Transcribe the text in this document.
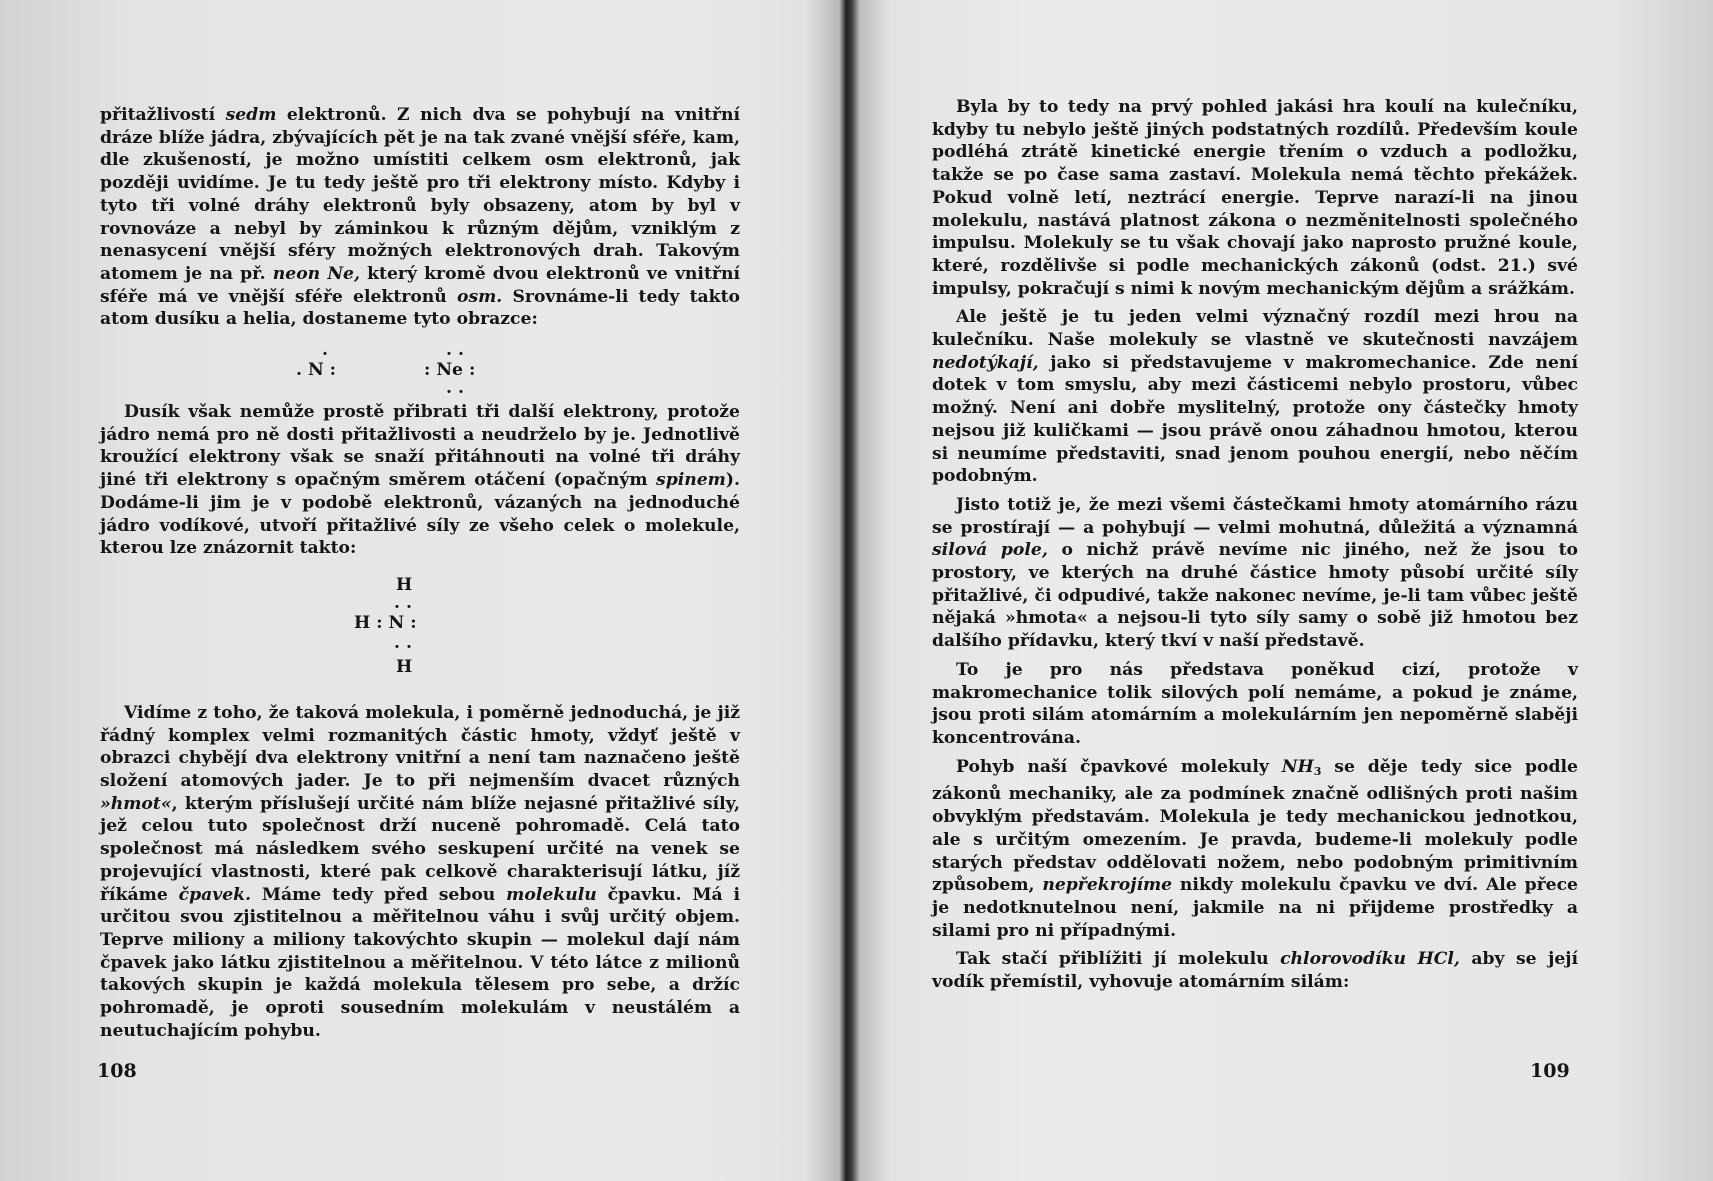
přitažlivostí sedm elektronů. Z nich dva se pohybují na vnitřní dráze blíže jádra, zbývajících pět je na tak zvané vnější sféře, kam, dle zkušeností, je možno umístiti celkem osm elektronů, jak později uvidíme. Je tu tedy ještě pro tři elektrony místo. Kdyby i tyto tři volné dráhy elektronů byly obsazeny, atom by byl v rovnováze a nebyl by záminkou k různým dějům, vzniklým z nenasycení vnější sféry možných elektronových drah. Takovým atomem je na př. neon Ne, který kromě dvou elektronů ve vnitřní sféře má ve vnější sféře elektronů osm. Srovnáme-li tedy takto atom dusíku a helia, dostaneme tyto obrazce:

.
. N :
. .
: Ne :
. .

Dusík však nemůže prostě přibrati tři další elektrony, protože jádro nemá pro ně dosti přitažlivosti a neudrželo by je. Jednotlivě kroužící elektrony však se snaží přitáhnouti na volné tři dráhy jiné tři elektrony s opačným směrem otáčení (opačným spinem). Dodáme-li jim je v podobě elektronů, vázaných na jednoduché jádro vodíkové, utvoří přitažlivé síly ze všeho celek o molekule, kterou lze znázornit takto:

H
. .
H : N :
. .
H

Vidíme z toho, že taková molekula, i poměrně jednoduchá, je již řádný komplex velmi rozmanitých částic hmoty, vždyť ještě v obrazci chybějí dva elektrony vnitřní a není tam naznačeno ještě složení atomových jader. Je to při nejmenším dvacet různých »hmot«, kterým příslušejí určité nám blíže nejasné přitažlivé síly, jež celou tuto společnost drží nuceně pohromadě. Celá tato společnost má následkem svého seskupení určité na venek se projevující vlastnosti, které pak celkově charakterisují látku, jíž říkáme čpavek. Máme tedy před sebou molekulu čpavku. Má i určitou svou zjistitelnou a měřitelnou váhu i svůj určitý objem. Teprve miliony a miliony takovýchto skupin — molekul dají nám čpavek jako látku zjistitelnou a měřitelnou. V této látce z milionů takových skupin je každá molekula tělesem pro sebe, a držíc pohromadě, je oproti sousedním molekulám v neustálém a neutuchajícím pohybu.

108

Byla by to tedy na prvý pohled jakási hra koulí na kulečníku, kdyby tu nebylo ještě jiných podstatných rozdílů. Především koule podléhá ztrátě kinetické energie třením o vzduch a podložku, takže se po čase sama zastaví. Molekula nemá těchto překážek. Pokud volně letí, neztrácí energie. Teprve narazí-li na jinou molekulu, nastává platnost zákona o nezměnitelnosti společného impulsu. Molekuly se tu však chovají jako naprosto pružné koule, které, rozdělivše si podle mechanických zákonů (odst. 21.) své impulsy, pokračují s nimi k novým mechanickým dějům a srážkám.

Ale ještě je tu jeden velmi význačný rozdíl mezi hrou na kulečníku. Naše molekuly se vlastně ve skutečnosti navzájem nedotýkají, jako si představujeme v makromechanice. Zde není dotek v tom smyslu, aby mezi částicemi nebylo prostoru, vůbec možný. Není ani dobře myslitelný, protože ony částečky hmoty nejsou již kuličkami — jsou právě onou záhadnou hmotou, kterou si neumíme představiti, snad jenom pouhou energií, nebo něčím podobným.

Jisto totiž je, že mezi všemi částečkami hmoty atomárního rázu se prostírají — a pohybují — velmi mohutná, důležitá a významná silová pole, o nichž právě nevíme nic jiného, než že jsou to prostory, ve kterých na druhé částice hmoty působí určité síly přitažlivé, či odpudivé, takže nakonec nevíme, je-li tam vůbec ještě nějaká »hmota« a nejsou-li tyto síly samy o sobě již hmotou bez dalšího přídavku, který tkví v naší představě.

To je pro nás představa poněkud cizí, protože v makromechanice tolik silových polí nemáme, a pokud je známe, jsou proti silám atomárním a molekulárním jen nepoměrně slaběji koncentrována.

Pohyb naší čpavkové molekuly $NH_3$ se děje tedy sice podle zákonů mechaniky, ale za podmínek značně odlišných proti našim obvyklým představám. Molekula je tedy mechanickou jednotkou, ale s určitým omezením. Je pravda, budeme-li molekuly podle starých představ oddělovati nožem, nebo podobným primitivním způsobem, nepřekrojíme nikdy molekulu čpavku ve dví. Ale přece je nedotknutelnou není, jakmile na ni přijdeme prostředky a silami pro ni případnými.

Tak stačí přiblížiti jí molekulu chlorovodíku HCl, aby se její vodík přemístil, vyhovuje atomárním silám:

109
